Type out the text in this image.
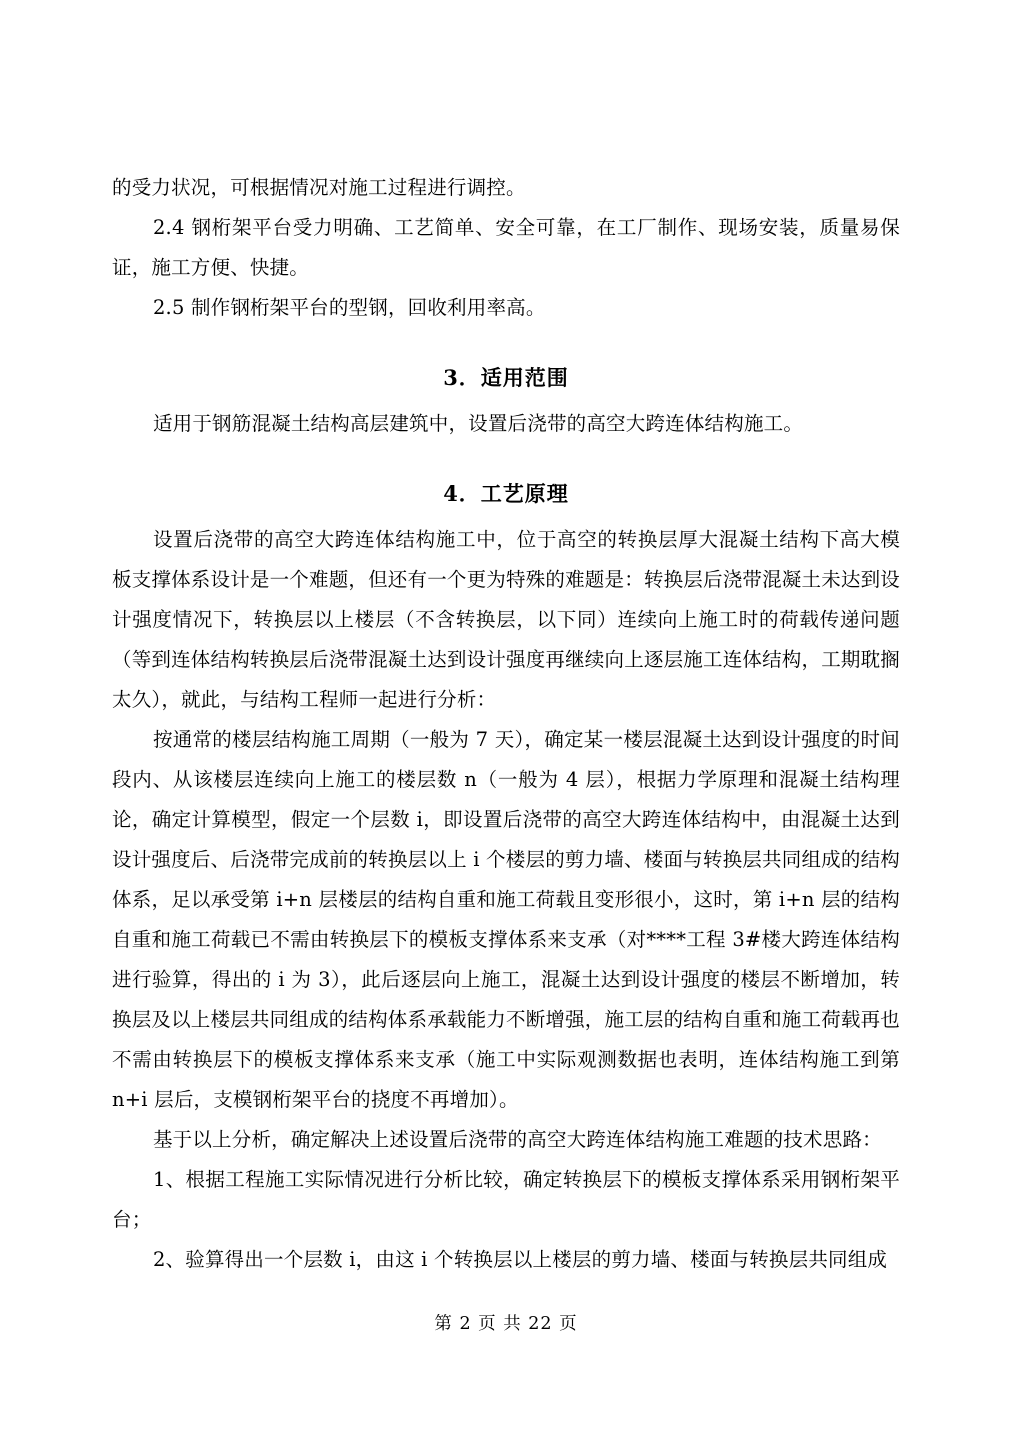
的受力状况，可根据情况对施工过程进行调控。

2.4 钢桁架平台受力明确、工艺简单、安全可靠，在工厂制作、现场安装，质量易保证，施工方便、快捷。

2.5 制作钢桁架平台的型钢，回收利用率高。

3．适用范围

适用于钢筋混凝土结构高层建筑中，设置后浇带的高空大跨连体结构施工。

4．工艺原理

设置后浇带的高空大跨连体结构施工中，位于高空的转换层厚大混凝土结构下高大模板支撑体系设计是一个难题，但还有一个更为特殊的难题是：转换层后浇带混凝土未达到设计强度情况下，转换层以上楼层（不含转换层，以下同）连续向上施工时的荷载传递问题（等到连体结构转换层后浇带混凝土达到设计强度再继续向上逐层施工连体结构，工期耽搁太久），就此，与结构工程师一起进行分析：

按通常的楼层结构施工周期（一般为 7 天），确定某一楼层混凝土达到设计强度的时间段内、从该楼层连续向上施工的楼层数 n（一般为 4 层），根据力学原理和混凝土结构理论，确定计算模型，假定一个层数 i，即设置后浇带的高空大跨连体结构中，由混凝土达到设计强度后、后浇带完成前的转换层以上 i 个楼层的剪力墙、楼面与转换层共同组成的结构体系，足以承受第 i+n 层楼层的结构自重和施工荷载且变形很小，这时，第 i+n 层的结构自重和施工荷载已不需由转换层下的模板支撑体系来支承（对****工程 3#楼大跨连体结构进行验算，得出的 i 为 3），此后逐层向上施工，混凝土达到设计强度的楼层不断增加，转换层及以上楼层共同组成的结构体系承载能力不断增强，施工层的结构自重和施工荷载再也不需由转换层下的模板支撑体系来支承（施工中实际观测数据也表明，连体结构施工到第 n+i 层后，支模钢桁架平台的挠度不再增加）。

基于以上分析，确定解决上述设置后浇带的高空大跨连体结构施工难题的技术思路：

1、根据工程施工实际情况进行分析比较，确定转换层下的模板支撑体系采用钢桁架平台；

2、验算得出一个层数 i，由这 i 个转换层以上楼层的剪力墙、楼面与转换层共同组成

第 2 页 共 22 页
